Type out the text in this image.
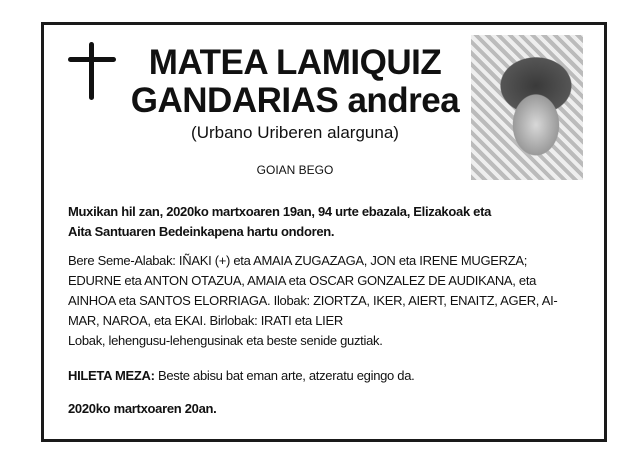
MATEA LAMIQUIZ
GANDARIAS andrea
(Urbano Uriberen alarguna)
GOIAN BEGO
Muxikan hil zan, 2020ko martxoaren 19an, 94 urte ebazala, Elizakoak eta
Aita Santuaren Bedeinkapena hartu ondoren.
Bere Seme-Alabak: IÑAKI (+) eta AMAIA ZUGAZAGA, JON eta IRENE MUGERZA;
EDURNE eta ANTON OTAZUA, AMAIA eta OSCAR GONZALEZ DE AUDIKANA, eta
AINHOA eta SANTOS ELORRIAGA. Ilobak: ZIORTZA, IKER, AIERT, ENAITZ, AGER, AI-
MAR, NAROA, eta EKAI. Birlobak: IRATI eta LIER
Lobak, lehengusu-lehengusinak eta beste senide guztiak.
HILETA MEZA: Beste abisu bat eman arte, atzeratu egingo da.
2020ko martxoaren 20an.
